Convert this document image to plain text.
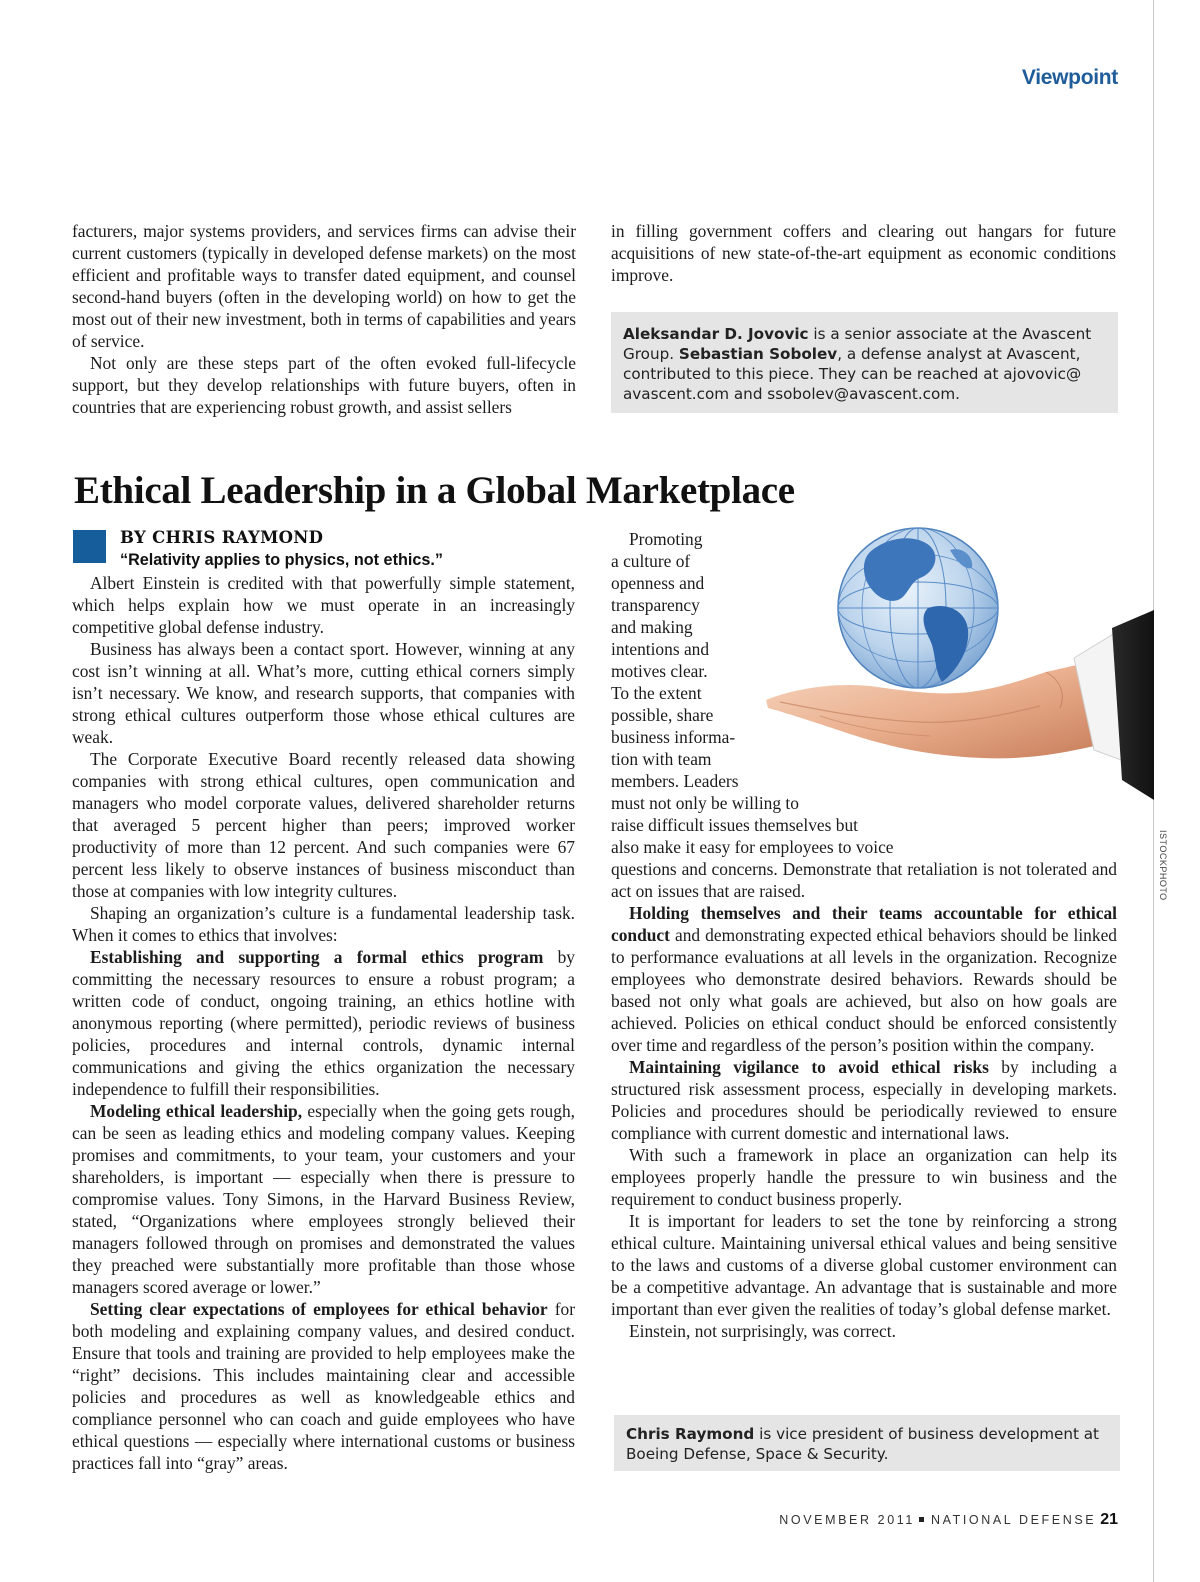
Viewpoint

facturers, major systems providers, and services firms can advise their current customers (typically in developed defense markets) on the most efficient and profitable ways to transfer dated equipment, and counsel second-hand buyers (often in the developing world) on how to get the most out of their new investment, both in terms of capabilities and years of service.

Not only are these steps part of the often evoked full-lifecycle support, but they develop relationships with future buyers, often in countries that are experiencing robust growth, and assist sellers

in filling government coffers and clearing out hangars for future acquisitions of new state-of-the-art equipment as economic conditions improve.

Aleksandar D. Jovovic is a senior associate at the Avascent Group. Sebastian Sobolev, a defense analyst at Avascent, contributed to this piece. They can be reached at ajovovic@ avascent.com and ssobolev@avascent.com.
Ethical Leadership in a Global Marketplace
BY CHRIS RAYMOND
“Relativity applies to physics, not ethics.”

Albert Einstein is credited with that powerfully simple statement, which helps explain how we must operate in an increasingly competitive global defense industry.

Business has always been a contact sport. However, winning at any cost isn’t winning at all. What’s more, cutting ethical corners simply isn’t necessary. We know, and research supports, that companies with strong ethical cultures outperform those whose ethical cultures are weak.

The Corporate Executive Board recently released data showing companies with strong ethical cultures, open communication and managers who model corporate values, delivered shareholder returns that averaged 5 percent higher than peers; improved worker productivity of more than 12 percent. And such companies were 67 percent less likely to observe instances of business misconduct than those at companies with low integrity cultures.

Shaping an organization’s culture is a fundamental leadership task. When it comes to ethics that involves:

Establishing and supporting a formal ethics program by committing the necessary resources to ensure a robust program; a written code of conduct, ongoing training, an ethics hotline with anonymous reporting (where permitted), periodic reviews of business policies, procedures and internal controls, dynamic internal communications and giving the ethics organization the necessary independence to fulfill their responsibilities.

Modeling ethical leadership, especially when the going gets rough, can be seen as leading ethics and modeling company values. Keeping promises and commitments, to your team, your customers and your shareholders, is important — especially when there is pressure to compromise values. Tony Simons, in the Harvard Business Review, stated, “Organizations where employees strongly believed their managers followed through on promises and demonstrated the values they preached were substantially more profitable than those whose managers scored average or lower.”

Setting clear expectations of employees for ethical behavior for both modeling and explaining company values, and desired conduct. Ensure that tools and training are provided to help employees make the “right” decisions. This includes maintaining clear and accessible policies and procedures as well as knowledgeable ethics and compliance personnel who can coach and guide employees who have ethical questions — especially where international customs or business practices fall into “gray” areas.

Promoting
a culture of
openness and
transparency
and making
intentions and
motives clear.
To the extent
possible, share
business informa-
tion with team
members. Leaders
must not only be willing to
raise difficult issues themselves but
also make it easy for employees to voice

questions and concerns. Demonstrate that retaliation is not tolerated and act on issues that are raised.

Holding themselves and their teams accountable for ethical conduct and demonstrating expected ethical behaviors should be linked to performance evaluations at all levels in the organization. Recognize employees who demonstrate desired behaviors. Rewards should be based not only what goals are achieved, but also on how goals are achieved. Policies on ethical conduct should be enforced consistently over time and regardless of the person’s position within the company.

Maintaining vigilance to avoid ethical risks by including a structured risk assessment process, especially in developing markets. Policies and procedures should be periodically reviewed to ensure compliance with current domestic and international laws.

With such a framework in place an organization can help its employees properly handle the pressure to win business and the requirement to conduct business properly.

It is important for leaders to set the tone by reinforcing a strong ethical culture. Maintaining universal ethical values and being sensitive to the laws and customs of a diverse global customer environment can be a competitive advantage. An advantage that is sustainable and more important than ever given the realities of today’s global defense market.

Einstein, not surprisingly, was correct.

ISTOCKPHOTO
Chris Raymond is vice president of business development at Boeing Defense, Space & Security.
NOVEMBER 2011 NATIONAL DEFENSE 21
